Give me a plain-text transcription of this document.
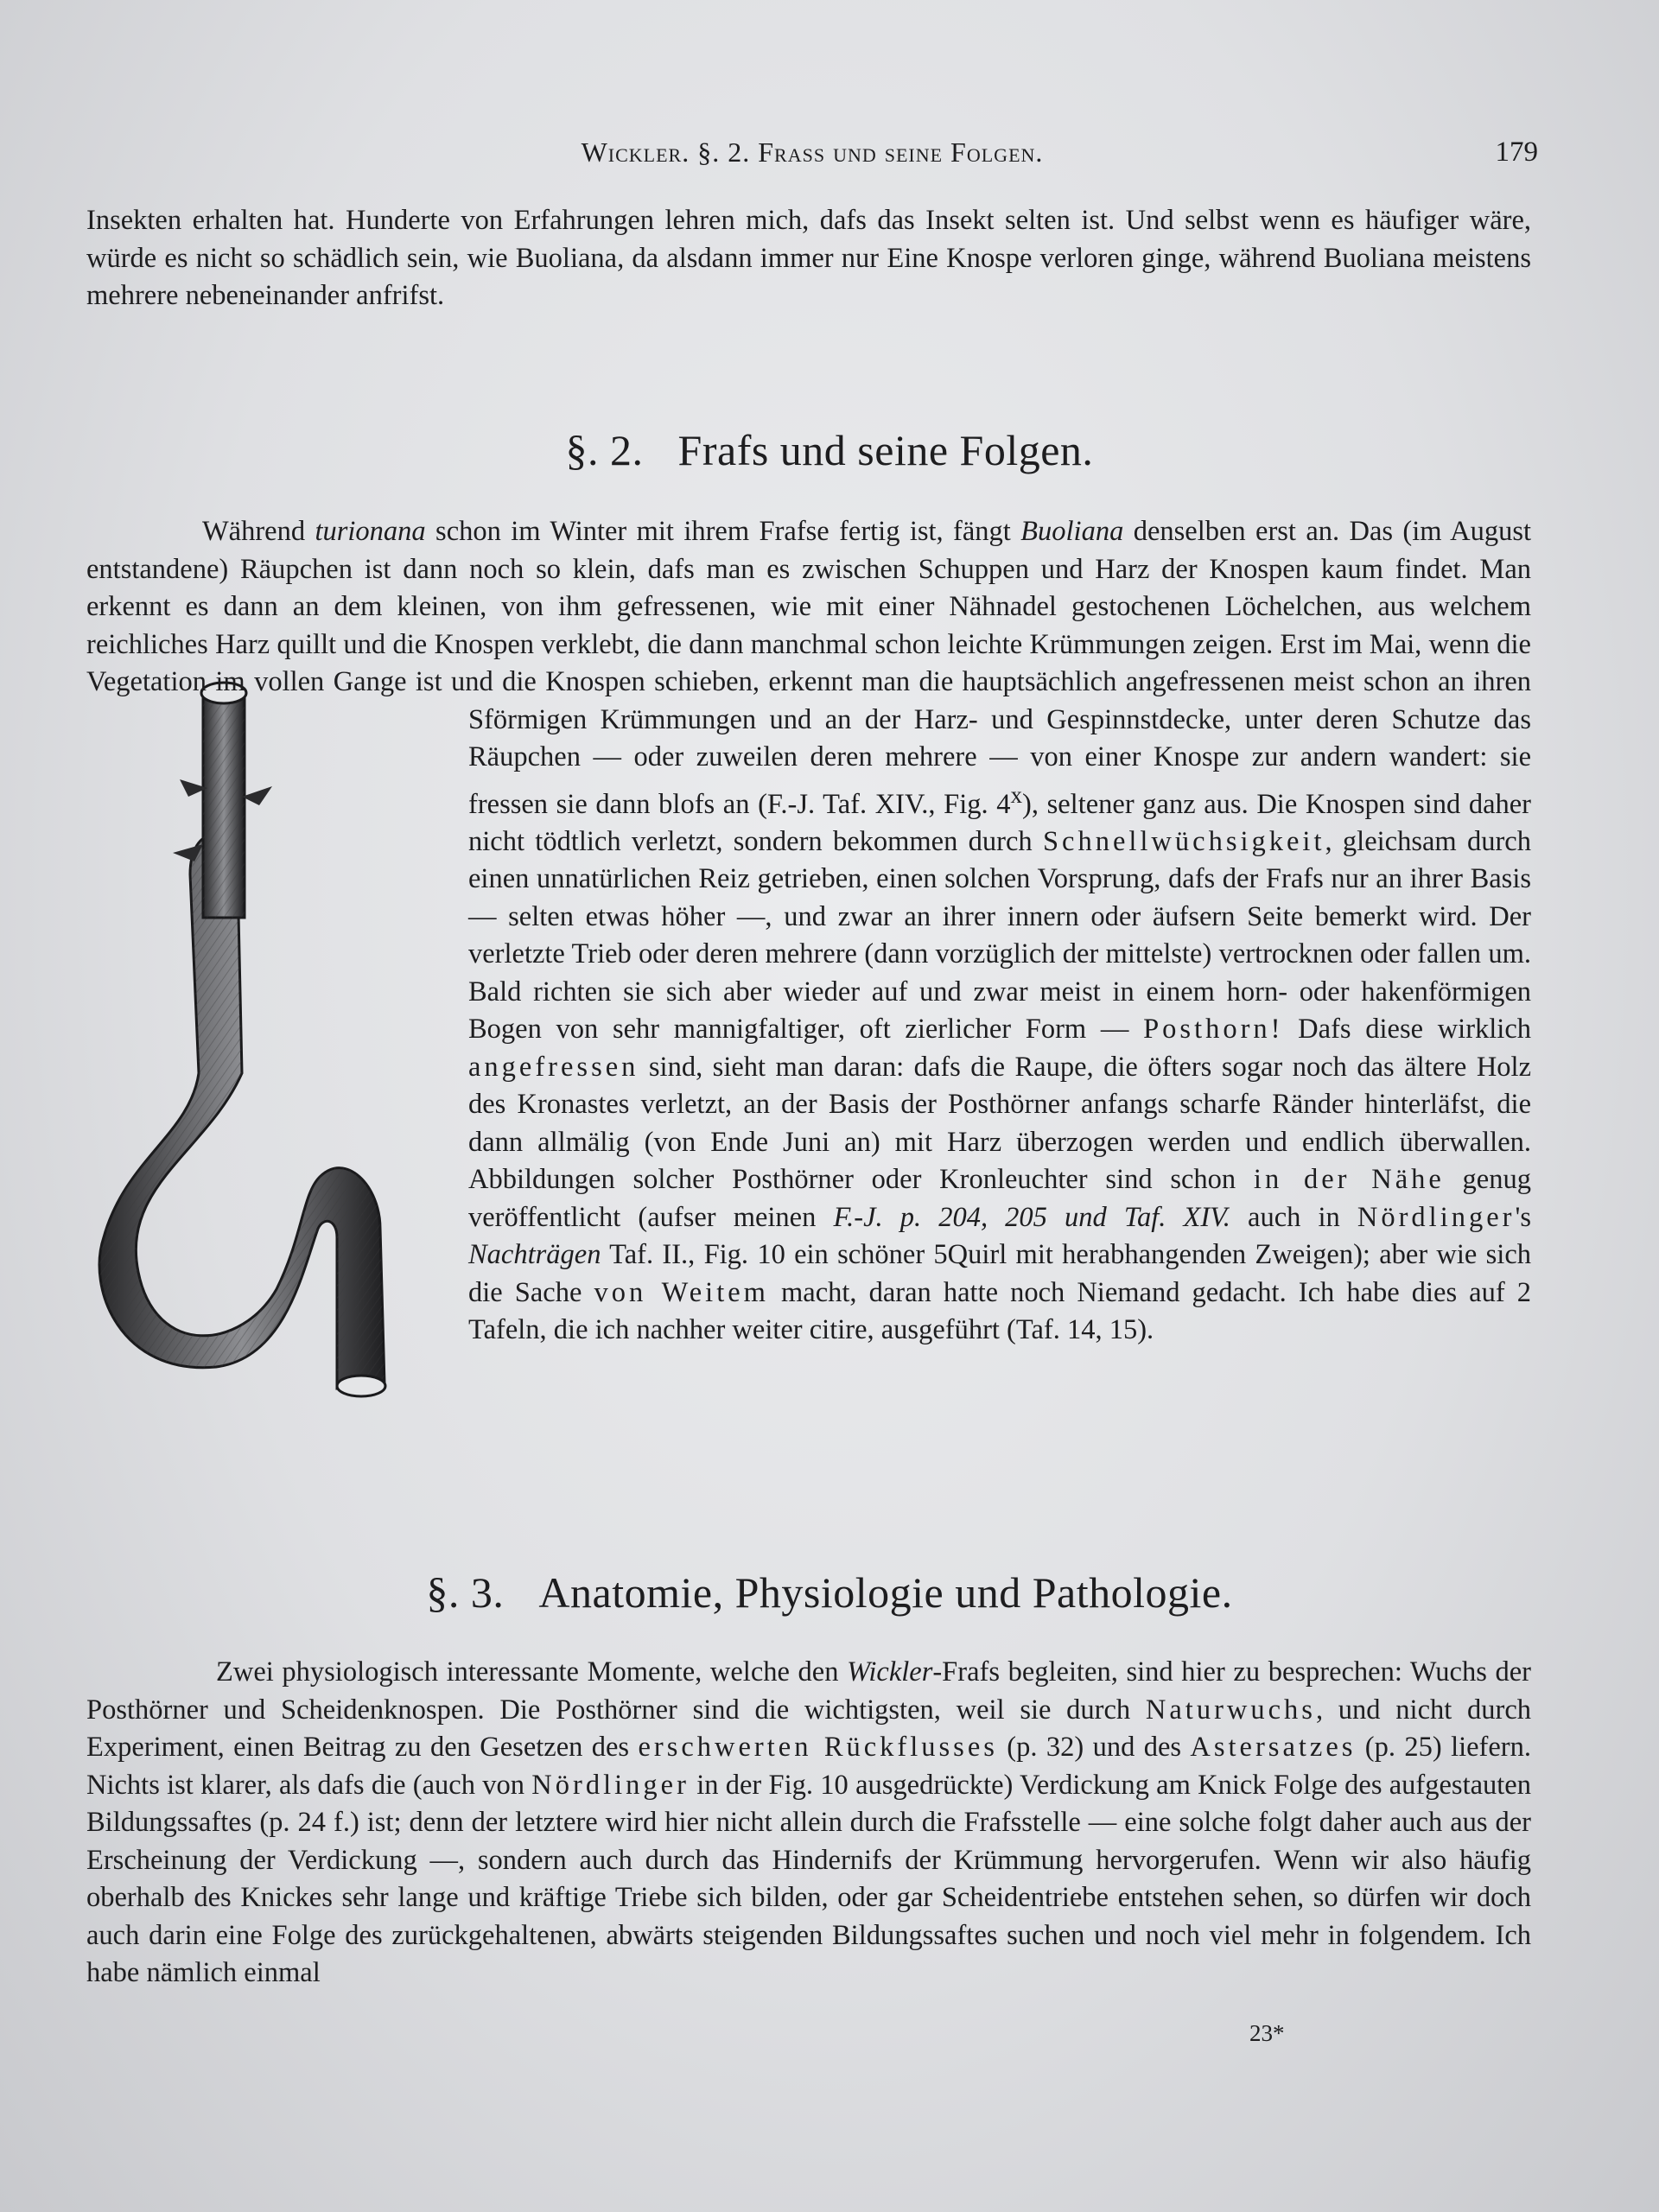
Wickler. §. 2. Frass und seine Folgen.	179
Insekten erhalten hat. Hunderte von Erfahrungen lehren mich, dafs das Insekt selten ist. Und selbst wenn es häufiger wäre, würde es nicht so schädlich sein, wie Buoliana, da alsdann immer nur Eine Knospe verloren ginge, während Buoliana meistens mehrere nebeneinander anfrifst.
§. 2. Frafs und seine Folgen.

Während turionana schon im Winter mit ihrem Frafse fertig ist, fängt Buoliana denselben erst an. Das (im August entstandene) Räupchen ist dann noch so klein, dafs man es zwischen Schuppen und Harz der Knospen kaum findet. Man erkennt es dann an dem kleinen, von ihm gefressenen, wie mit einer Nähnadel gestochenen Löchelchen, aus welchem reichliches Harz quillt und die Knospen verklebt, die dann manchmal schon leichte Krümmungen zeigen. Erst im Mai, wenn die Vegetation im
vollen Gange ist und die Knospen schieben, erkennt man die hauptsächlich angefressenen meist schon an ihren Sförmigen Krümmungen und an der Harz- und Gespinnstdecke, unter deren Schutze das Räupchen — oder zuweilen deren mehrere — von einer Knospe zur andern wandert: sie fressen sie dann blofs an (F.-J. Taf. XIV., Fig. 4$^x$), seltener ganz aus. Die Knospen sind daher nicht tödtlich verletzt, sondern bekommen durch Schnellwüchsigkeit, gleichsam durch einen unnatürlichen Reiz getrieben, einen solchen Vorsprung, dafs der Frafs nur an ihrer Basis — selten etwas höher —, und zwar an ihrer innern oder äufsern Seite bemerkt wird. Der verletzte Trieb oder deren mehrere (dann vorzüglich der mittelste) vertrocknen oder fallen um. Bald richten sie sich aber wieder auf und zwar meist in einem horn- oder hakenförmigen Bogen von sehr mannigfaltiger, oft zierlicher Form — Posthorn! Dafs diese wirklich angefressen sind, sieht man daran: dafs die Raupe, die öfters sogar noch das ältere Holz des Kronastes verletzt, an der Basis der Posthörner anfangs scharfe Ränder hinterläfst, die dann allmälig (von Ende Juni an) mit Harz überzogen werden und endlich überwallen. Abbildungen solcher Posthörner oder Kronleuchter sind schon in der Nähe genug veröffentlicht (aufser meinen F.-J. p. 204, 205 und Taf. XIV. auch in Nördlinger's Nachträgen Taf. II., Fig. 10 ein schöner 5Quirl mit herabhangenden Zweigen); aber wie sich die Sache von Weitem macht, daran hatte noch Niemand gedacht. Ich habe dies auf 2 Tafeln, die ich nachher weiter citire, ausgeführt (Taf. 14, 15).

§. 3. Anatomie, Physiologie und Pathologie.

Zwei physiologisch interessante Momente, welche den Wickler-Frafs begleiten, sind hier zu besprechen: Wuchs der Posthörner und Scheidenknospen. Die Posthörner sind die wichtigsten, weil sie durch Naturwuchs, und nicht durch Experiment, einen Beitrag zu den Gesetzen des erschwerten Rückflusses (p. 32) und des Astersatzes (p. 25) liefern. Nichts ist klarer, als dafs die (auch von Nördlinger in der Fig. 10 ausgedrückte) Verdickung am Knick Folge des aufgestauten Bildungssaftes (p. 24 f.) ist; denn der letztere wird hier nicht allein durch die Frafsstelle — eine solche folgt daher auch aus der Erscheinung der Verdickung —, sondern auch durch das Hindernifs der Krümmung hervorgerufen. Wenn wir also häufig oberhalb des Knickes sehr lange und kräftige Triebe sich bilden, oder gar Scheidentriebe entstehen sehen, so dürfen wir doch auch darin eine Folge des zurückgehaltenen, abwärts steigenden Bildungssaftes suchen und noch viel mehr in folgendem. Ich habe nämlich einmal

23*
